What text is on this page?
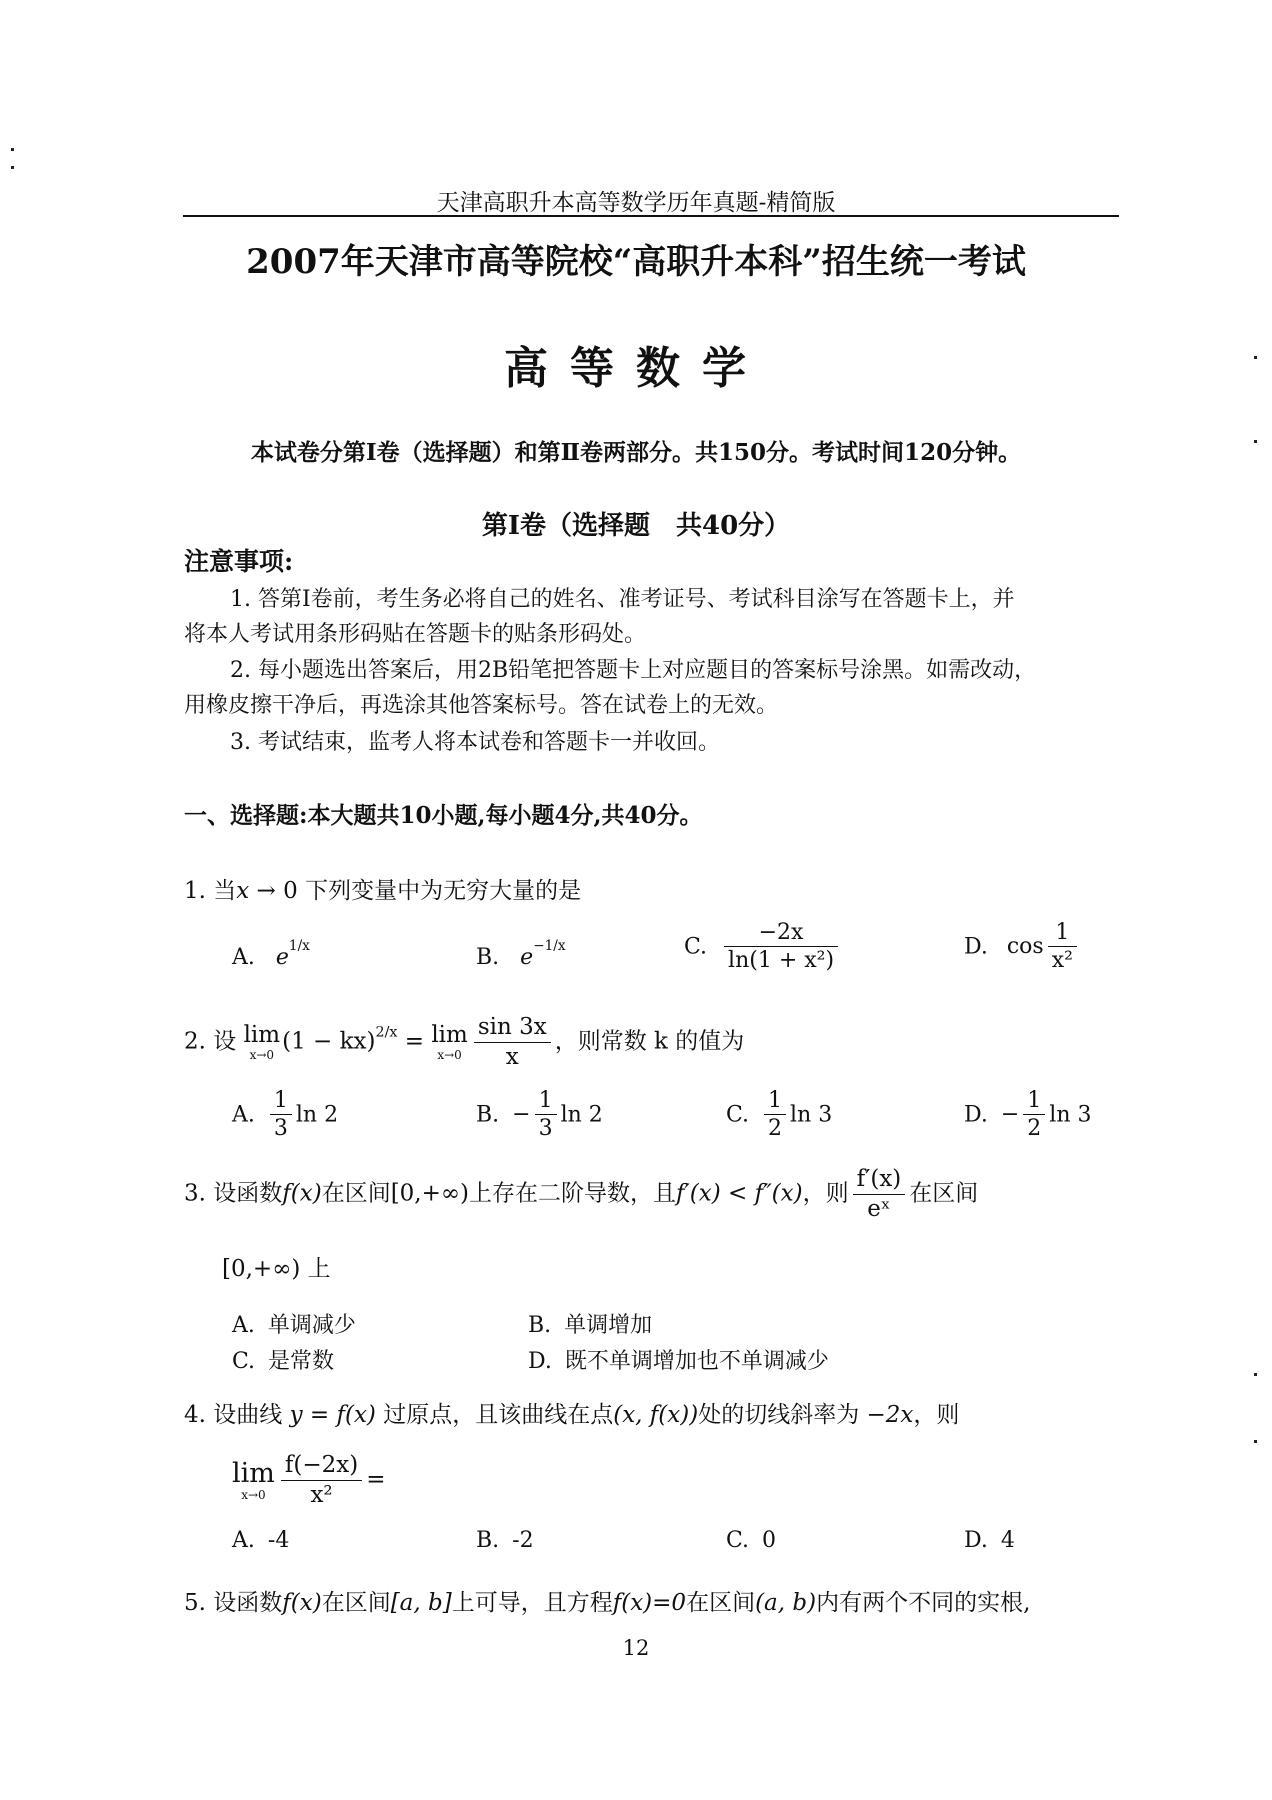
天津高职升本高等数学历年真题-精简版
2007年天津市高等院校“高职升本科”招生统一考试
高等数学
本试卷分第Ⅰ卷（选择题）和第Ⅱ卷两部分。共150分。考试时间120分钟。
第Ⅰ卷（选择题　共40分）
注意事项:
1. 答第Ⅰ卷前，考生务必将自己的姓名、准考证号、考试科目涂写在答题卡上，并
将本人考试用条形码贴在答题卡的贴条形码处。
2. 每小题选出答案后，用2B铅笔把答题卡上对应题目的答案标号涂黑。如需改动，
用橡皮擦干净后，再选涂其他答案标号。答在试卷上的无效。
3. 考试结束，监考人将本试卷和答题卡一并收回。
一、选择题:本大题共10小题,每小题4分,共40分。
1. 当x → 0 下列变量中为无穷大量的是
A. $e^{1/x}$	B. $e^{-1/x}$	C. $\frac{-2x}{\text{ln(1 + x²)}}$	D. $\cos \frac{1}{\text{x²}}$
2. 设 lim
x→0
(1 − kx)$^{2/x}$ = lim
$x\to 0 \frac{\sin 3x}{x}$ ，则常数 k 的值为
A. $\frac{1}{3}$ ln 2	B. − $\frac{1}{3}$ ln 2	C. $\frac{1}{2}$ ln 3	D. − $\frac{1}{2}$ ln 3
3. 设函数f(x)在区间[0,+∞)上存在二阶导数，且f′(x) < f″(x)，则 $\frac{f'(x)}{\text{eˣ}}$ 在区间
[0,+∞) 上
A. 单调减少	B. 单调增加
C. 是常数	D. 既不单调增加也不单调减少
4. 设曲线 y = f(x) 过原点，且该曲线在点(x, f(x))处的切线斜率为 −2x，则
lim
$x\to 0 \frac{f(-2x)}{\text{x²}}$ =
A. -4	B. -2	C. 0	D. 4
5. 设函数f(x)在区间[a, b]上可导，且方程f(x)=0在区间(a, b)内有两个不同的实根,
12
